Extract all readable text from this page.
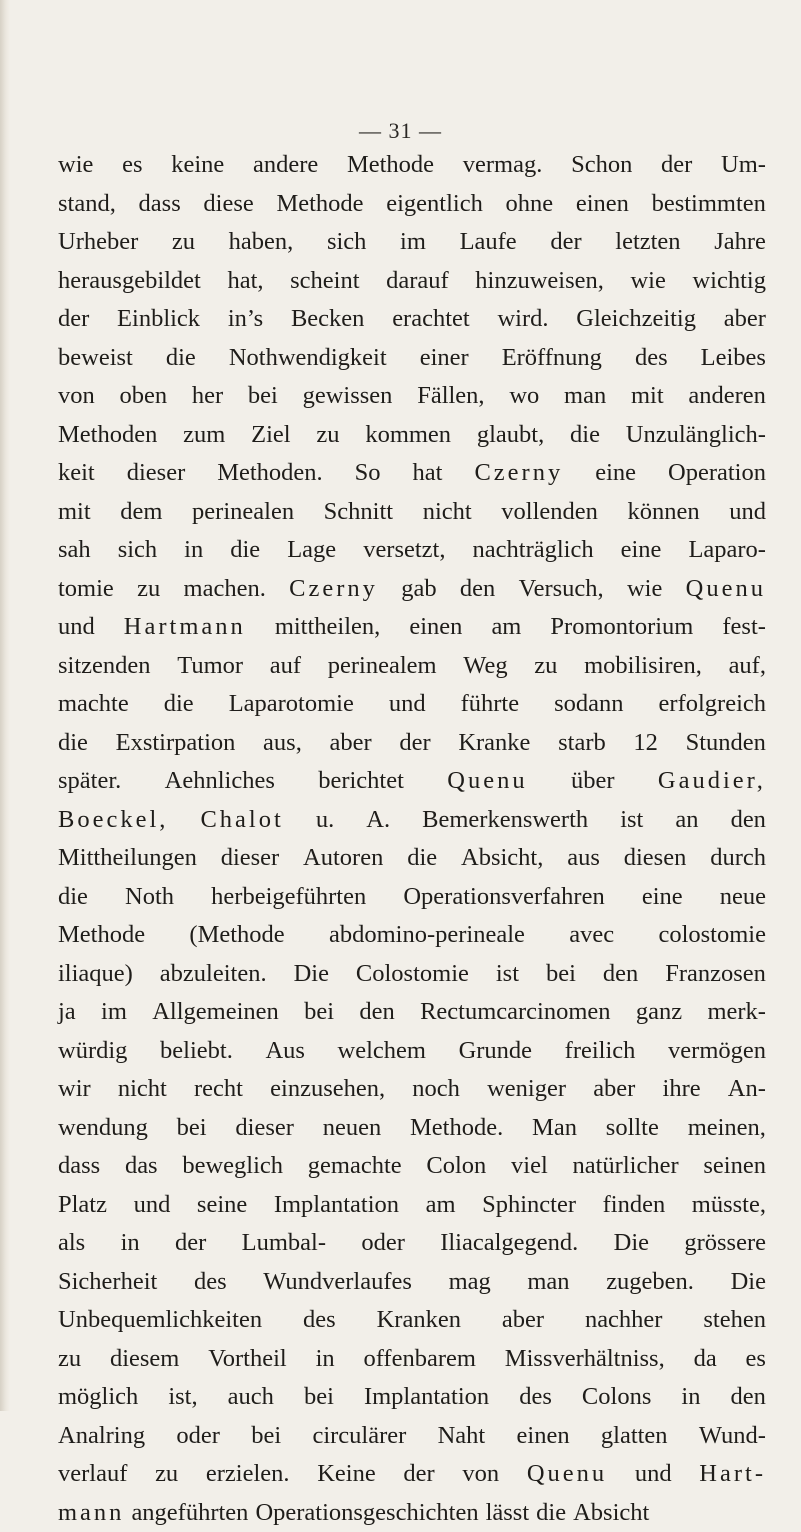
— 31 —
wie es keine andere Methode vermag. Schon der Um-
stand, dass diese Methode eigentlich ohne einen bestimmten
Urheber zu haben, sich im Laufe der letzten Jahre
herausgebildet hat, scheint darauf hinzuweisen, wie wichtig
der Einblick in’s Becken erachtet wird. Gleichzeitig aber
beweist die Nothwendigkeit einer Eröffnung des Leibes
von oben her bei gewissen Fällen, wo man mit anderen
Methoden zum Ziel zu kommen glaubt, die Unzulänglich-
keit dieser Methoden. So hat Czerny eine Operation
mit dem perinealen Schnitt nicht vollenden können und
sah sich in die Lage versetzt, nachträglich eine Laparo-
tomie zu machen. Czerny gab den Versuch, wie Quenu
und Hartmann mittheilen, einen am Promontorium fest-
sitzenden Tumor auf perinealem Weg zu mobilisiren, auf,
machte die Laparotomie und führte sodann erfolgreich
die Exstirpation aus, aber der Kranke starb 12 Stunden
später. Aehnliches berichtet Quenu über Gaudier,
Boeckel, Chalot u. A. Bemerkenswerth ist an den
Mittheilungen dieser Autoren die Absicht, aus diesen durch
die Noth herbeigeführten Operationsverfahren eine neue
Methode (Methode abdomino-perineale avec colostomie
iliaque) abzuleiten. Die Colostomie ist bei den Franzosen
ja im Allgemeinen bei den Rectumcarcinomen ganz merk-
würdig beliebt. Aus welchem Grunde freilich vermögen
wir nicht recht einzusehen, noch weniger aber ihre An-
wendung bei dieser neuen Methode. Man sollte meinen,
dass das beweglich gemachte Colon viel natürlicher seinen
Platz und seine Implantation am Sphincter finden müsste,
als in der Lumbal- oder Iliacalgegend. Die grössere
Sicherheit des Wundverlaufes mag man zugeben. Die
Unbequemlichkeiten des Kranken aber nachher stehen
zu diesem Vortheil in offenbarem Missverhältniss, da es
möglich ist, auch bei Implantation des Colons in den
Analring oder bei circulärer Naht einen glatten Wund-
verlauf zu erzielen. Keine der von Quenu und Hart-
mann angeführten Operationsgeschichten lässt die Absicht
